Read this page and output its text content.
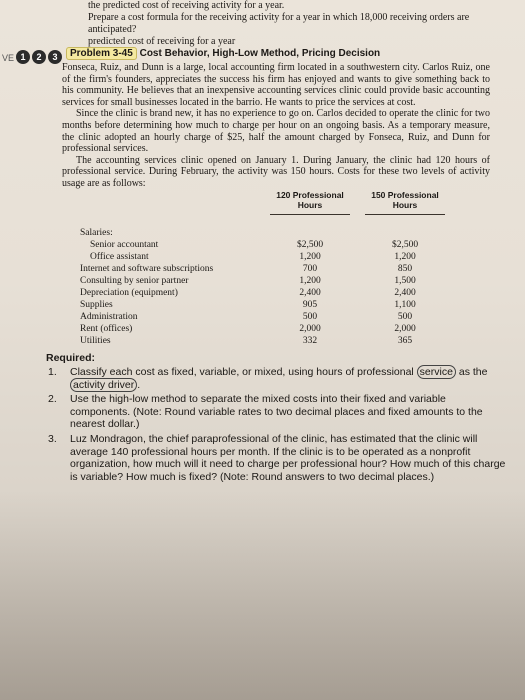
the predicted cost of receiving activity for a year.
Prepare a cost formula for the receiving activity for a year in which 18,000 receiving orders are anticipated?
predicted cost of receiving for a year
VE 1	2	3	Problem 3-45 Cost Behavior, High-Low Method, Pricing Decision

Fonseca, Ruiz, and Dunn is a large, local accounting firm located in a southwestern city. Carlos Ruiz, one of the firm's founders, appreciates the success his firm has enjoyed and wants to give something back to his community. He believes that an inexpensive accounting services clinic could provide basic accounting services for small businesses located in the barrio. He wants to price the services at cost.

Since the clinic is brand new, it has no experience to go on. Carlos decided to operate the clinic for two months before determining how much to charge per hour on an ongoing basis. As a temporary measure, the clinic adopted an hourly charge of $25, half the amount charged by Fonseca, Ruiz, and Dunn for professional services.

The accounting services clinic opened on January 1. During January, the clinic had 120 hours of professional service. During February, the activity was 150 hours. Costs for these two levels of activity usage are as follows:

120 Professional
Hours
150 Professional
Hours
Salaries:
Senior accountant	$2,500	$2,500
Office assistant	1,200	1,200
Internet and software subscriptions	700	850
Consulting by senior partner	1,200	1,500
Depreciation (equipment)	2,400	2,400
Supplies	905	1,100
Administration	500	500
Rent (offices)	2,000	2,000
Utilities	332	365
Required:
1. Classify each cost as fixed, variable, or mixed, using hours of professional service as the activity driver .
2. Use the high-low method to separate the mixed costs into their fixed and variable components. (Note: Round variable rates to two decimal places and fixed amounts to the nearest dollar.)
3. Luz Mondragon, the chief paraprofessional of the clinic, has estimated that the clinic will average 140 professional hours per month. If the clinic is to be operated as a nonprofit organization, how much will it need to charge per professional hour? How much of this charge is variable? How much is fixed? (Note: Round answers to two decimal places.)
